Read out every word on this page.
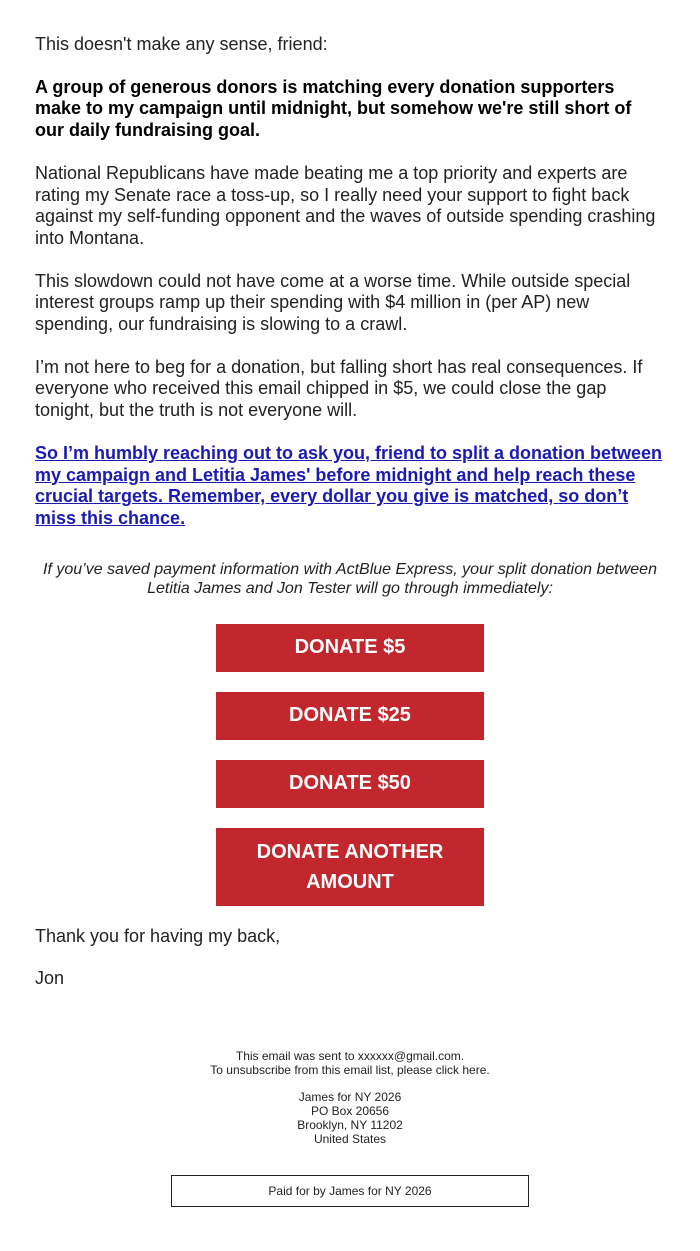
This doesn't make any sense, friend:

A group of generous donors is matching every donation supporters make to my campaign until midnight, but somehow we're still short of our daily fundraising goal.

National Republicans have made beating me a top priority and experts are rating my Senate race a toss-up, so I really need your support to fight back against my self-funding opponent and the waves of outside spending crashing into Montana.

This slowdown could not have come at a worse time. While outside special interest groups ramp up their spending with $4 million in (per AP) new spending, our fundraising is slowing to a crawl.

I’m not here to beg for a donation, but falling short has real consequences. If everyone who received this email chipped in $5, we could close the gap tonight, but the truth is not everyone will.

So I’m humbly reaching out to ask you, friend to split a donation between my campaign and Letitia James' before midnight and help reach these crucial targets. Remember, every dollar you give is matched, so don’t miss this chance.

If you’ve saved payment information with ActBlue Express, your split donation between Letitia James and Jon Tester will go through immediately:

DONATE $5
DONATE $25
DONATE $50
DONATE ANOTHER AMOUNT

Thank you for having my back,

Jon

This email was sent to xxxxxx@gmail.com.

To unsubscribe from this email list, please click here.

James for NY 2026

PO Box 20656

Brooklyn, NY 11202

United States

Paid for by James for NY 2026
